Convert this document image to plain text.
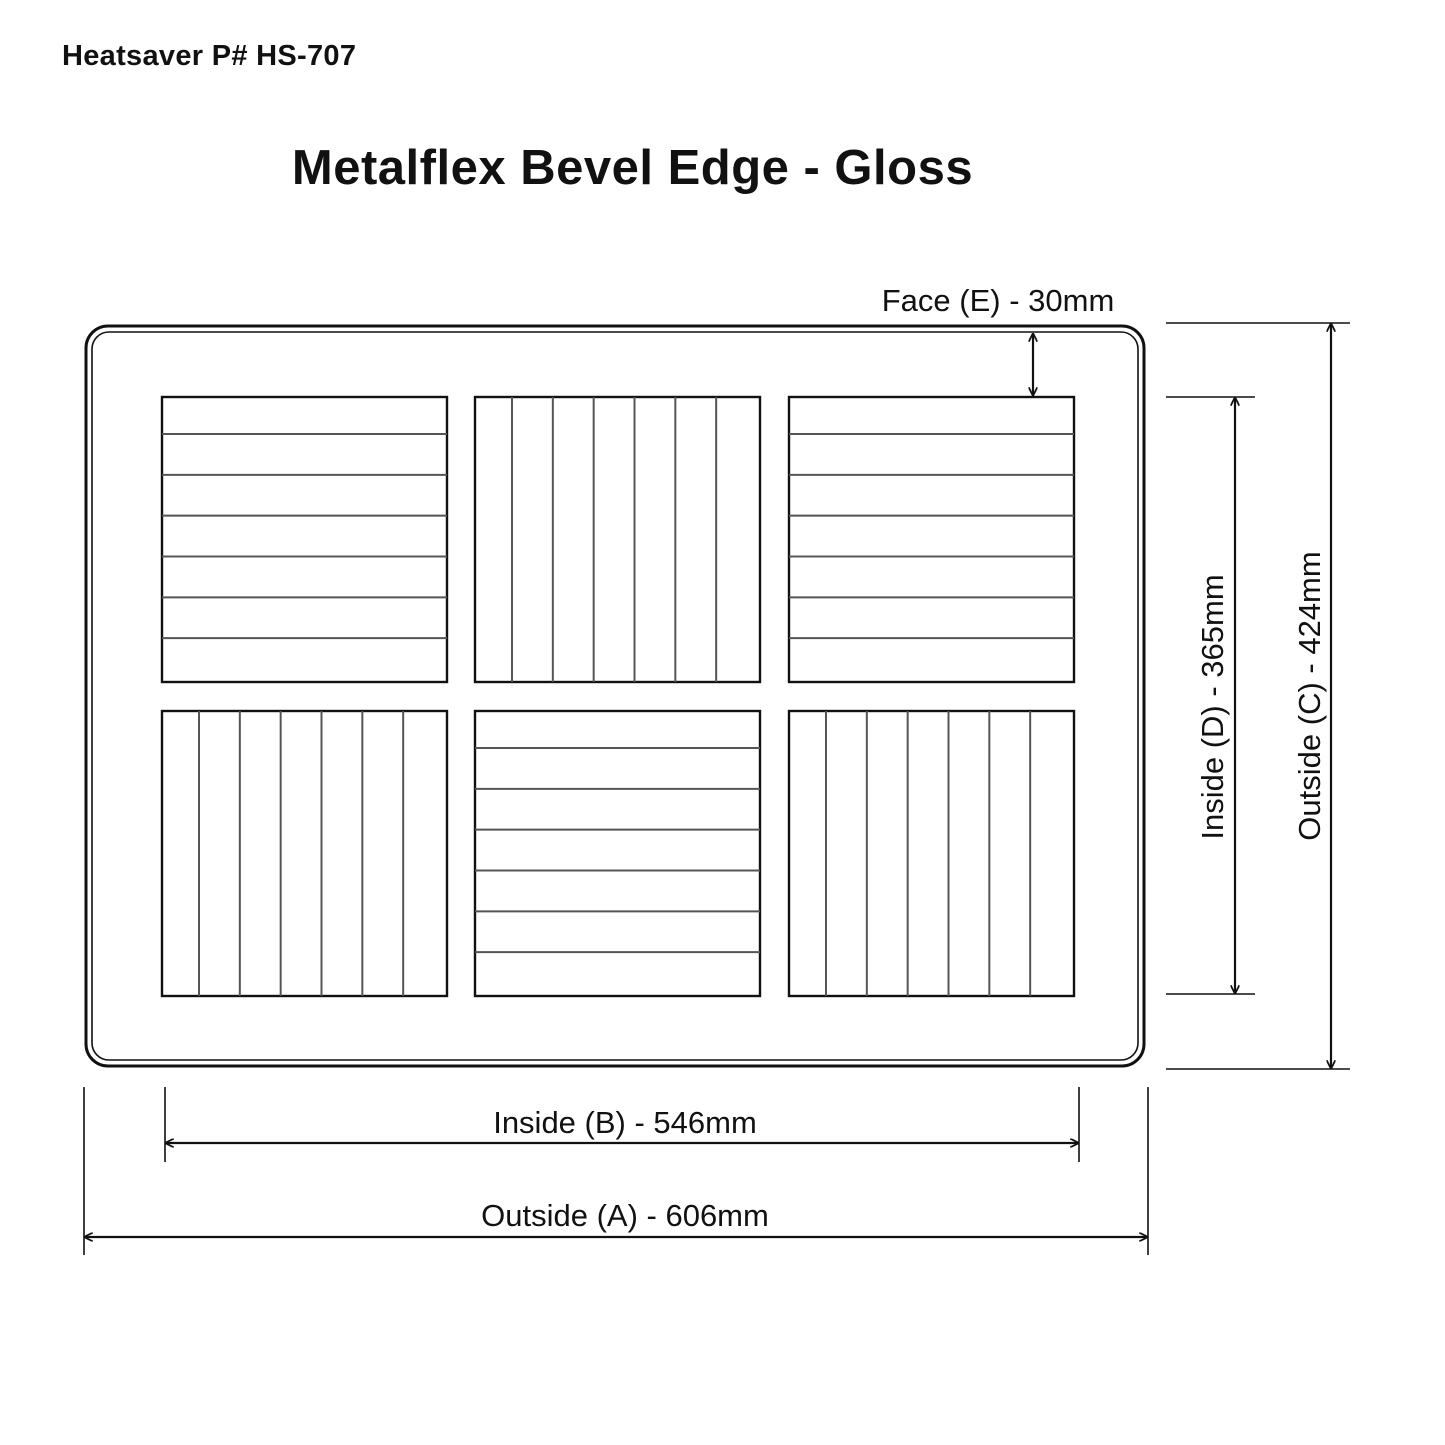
Heatsaver P# HS-707
Metalflex Bevel Edge - Gloss
Face (E) - 30mm
Inside (B) - 546mm
Outside (A) - 606mm
Inside (D) - 365mm Outside (C) - 424mm
